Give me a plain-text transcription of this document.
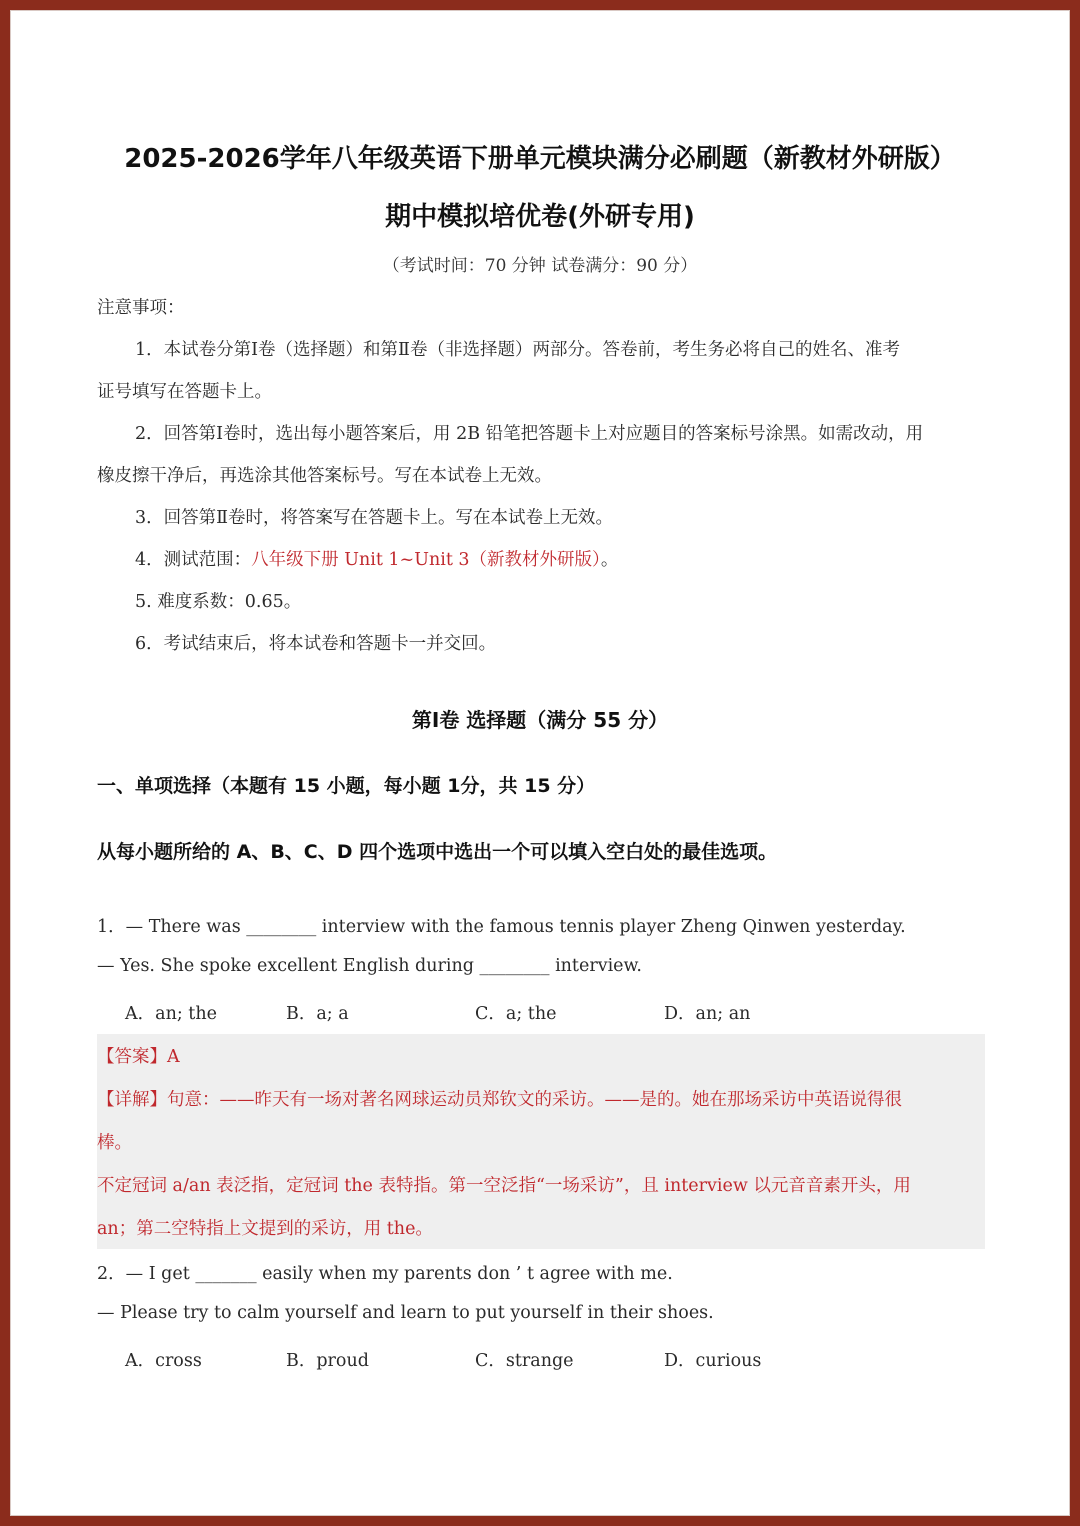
2025-2026学年八年级英语下册单元模块满分必刷题（新教材外研版）
期中模拟培优卷(外研专用)
（考试时间：70 分钟 试卷满分：90 分）
注意事项：
1．本试卷分第Ⅰ卷（选择题）和第Ⅱ卷（非选择题）两部分。答卷前，考生务必将自己的姓名、准考
证号填写在答题卡上。
2．回答第Ⅰ卷时，选出每小题答案后，用 2B 铅笔把答题卡上对应题目的答案标号涂黑。如需改动，用
橡皮擦干净后，再选涂其他答案标号。写在本试卷上无效。
3．回答第Ⅱ卷时，将答案写在答题卡上。写在本试卷上无效。
4．测试范围：八年级下册 Unit 1~Unit 3（新教材外研版）。
5. 难度系数：0.65。
6．考试结束后，将本试卷和答题卡一并交回。
第Ⅰ卷 选择题（满分 55 分）
一、单项选择（本题有 15 小题，每小题 1分，共 15 分）
从每小题所给的 A、B、C、D 四个选项中选出一个可以填入空白处的最佳选项。
1．— There was ________ interview with the famous tennis player Zheng Qinwen yesterday.
— Yes. She spoke excellent English during ________ interview.
A．an; the	B．a; a	C．a; the	D．an; an
【答案】A
【详解】句意：——昨天有一场对著名网球运动员郑钦文的采访。——是的。她在那场采访中英语说得很
棒。
不定冠词 a/an 表泛指，定冠词 the 表特指。第一空泛指“一场采访”，且 interview 以元音音素开头，用
an；第二空特指上文提到的采访，用 the。
2．— I get _______ easily when my parents don ’ t agree with me.
— Please try to calm yourself and learn to put yourself in their shoes.
A．cross	B．proud	C．strange	D．curious
